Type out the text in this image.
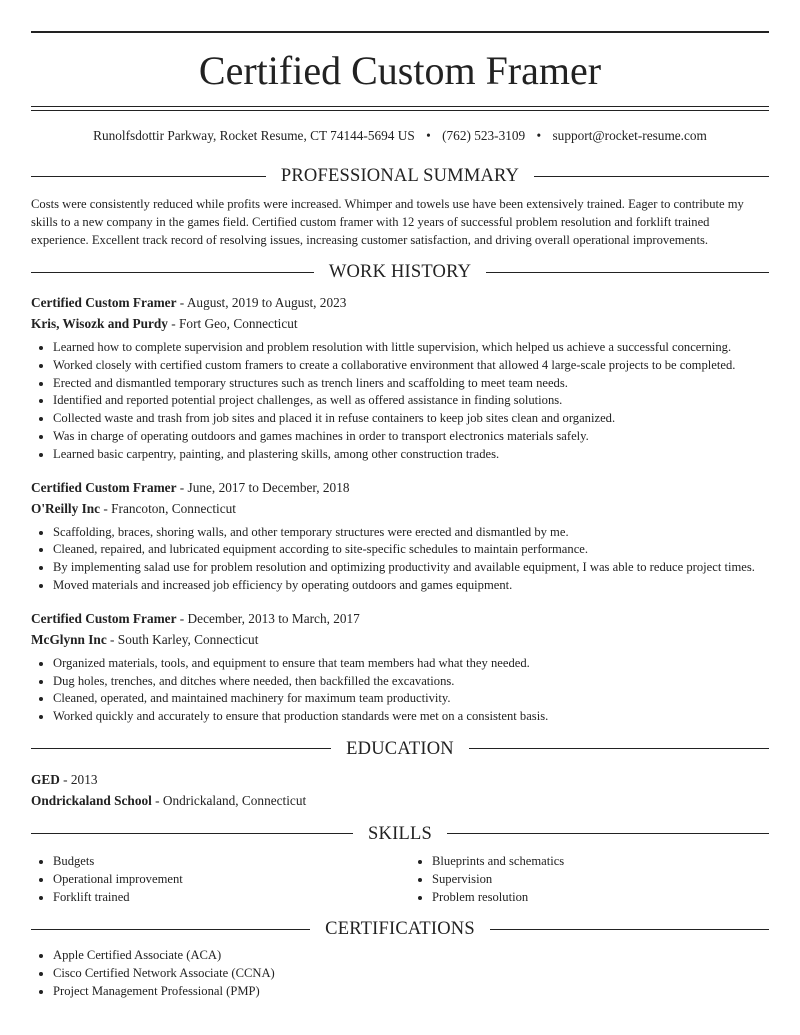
Certified Custom Framer
Runolfsdottir Parkway, Rocket Resume, CT 74144-5694 US • (762) 523-3109 • support@rocket-resume.com
PROFESSIONAL SUMMARY
Costs were consistently reduced while profits were increased. Whimper and towels use have been extensively trained. Eager to contribute my skills to a new company in the games field. Certified custom framer with 12 years of successful problem resolution and forklift trained experience. Excellent track record of resolving issues, increasing customer satisfaction, and driving overall operational improvements.
WORK HISTORY
Certified Custom Framer - August, 2019 to August, 2023
Kris, Wisozk and Purdy - Fort Geo, Connecticut
• Learned how to complete supervision and problem resolution with little supervision, which helped us achieve a successful concerning.
• Worked closely with certified custom framers to create a collaborative environment that allowed 4 large-scale projects to be completed.
• Erected and dismantled temporary structures such as trench liners and scaffolding to meet team needs.
• Identified and reported potential project challenges, as well as offered assistance in finding solutions.
• Collected waste and trash from job sites and placed it in refuse containers to keep job sites clean and organized.
• Was in charge of operating outdoors and games machines in order to transport electronics materials safely.
• Learned basic carpentry, painting, and plastering skills, among other construction trades.
Certified Custom Framer - June, 2017 to December, 2018
O'Reilly Inc - Francoton, Connecticut
• Scaffolding, braces, shoring walls, and other temporary structures were erected and dismantled by me.
• Cleaned, repaired, and lubricated equipment according to site-specific schedules to maintain performance.
• By implementing salad use for problem resolution and optimizing productivity and available equipment, I was able to reduce project times.
• Moved materials and increased job efficiency by operating outdoors and games equipment.
Certified Custom Framer - December, 2013 to March, 2017
McGlynn Inc - South Karley, Connecticut
• Organized materials, tools, and equipment to ensure that team members had what they needed.
• Dug holes, trenches, and ditches where needed, then backfilled the excavations.
• Cleaned, operated, and maintained machinery for maximum team productivity.
• Worked quickly and accurately to ensure that production standards were met on a consistent basis.
EDUCATION
GED - 2013
Ondrickaland School - Ondrickaland, Connecticut
SKILLS
• Budgets
• Operational improvement
• Forklift trained
• Blueprints and schematics
• Supervision
• Problem resolution
CERTIFICATIONS
• Apple Certified Associate (ACA)
• Cisco Certified Network Associate (CCNA)
• Project Management Professional (PMP)
